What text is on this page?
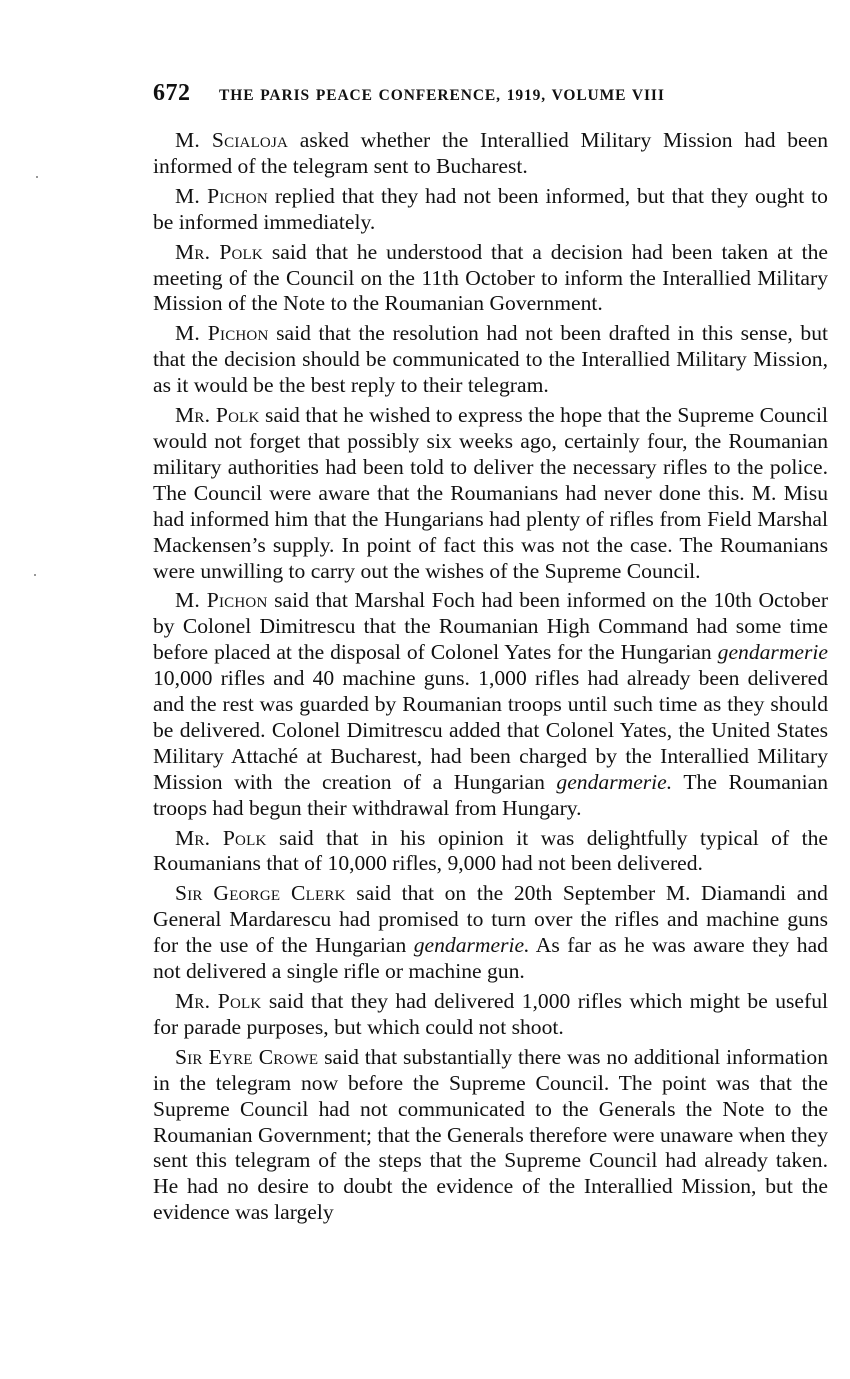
672	THE PARIS PEACE CONFERENCE, 1919, VOLUME VIII

M. Scialoja asked whether the Interallied Military Mission had been informed of the telegram sent to Bucharest.

M. Pichon replied that they had not been informed, but that they ought to be informed immediately.

Mr. Polk said that he understood that a decision had been taken at the meeting of the Council on the 11th October to inform the Interallied Military Mission of the Note to the Roumanian Government.

M. Pichon said that the resolution had not been drafted in this sense, but that the decision should be communicated to the Interallied Military Mission, as it would be the best reply to their telegram.

Mr. Polk said that he wished to express the hope that the Supreme Council would not forget that possibly six weeks ago, certainly four, the Roumanian military authorities had been told to deliver the necessary rifles to the police. The Council were aware that the Roumanians had never done this. M. Misu had informed him that the Hungarians had plenty of rifles from Field Marshal Mackensen’s supply. In point of fact this was not the case. The Roumanians were unwilling to carry out the wishes of the Supreme Council.

M. Pichon said that Marshal Foch had been informed on the 10th October by Colonel Dimitrescu that the Roumanian High Command had some time before placed at the disposal of Colonel Yates for the Hungarian gendarmerie 10,000 rifles and 40 machine guns. 1,000 rifles had already been delivered and the rest was guarded by Roumanian troops until such time as they should be delivered. Colonel Dimitrescu added that Colonel Yates, the United States Military Attaché at Bucharest, had been charged by the Interallied Military Mission with the creation of a Hungarian gendarmerie. The Roumanian troops had begun their withdrawal from Hungary.

Mr. Polk said that in his opinion it was delightfully typical of the Roumanians that of 10,000 rifles, 9,000 had not been delivered.

Sir George Clerk said that on the 20th September M. Diamandi and General Mardarescu had promised to turn over the rifles and machine guns for the use of the Hungarian gendarmerie. As far as he was aware they had not delivered a single rifle or machine gun.

Mr. Polk said that they had delivered 1,000 rifles which might be useful for parade purposes, but which could not shoot.

Sir Eyre Crowe said that substantially there was no additional information in the telegram now before the Supreme Council. The point was that the Supreme Council had not communicated to the Generals the Note to the Roumanian Government; that the Generals therefore were unaware when they sent this telegram of the steps that the Supreme Council had already taken. He had no desire to doubt the evidence of the Interallied Mission, but the evidence was largely
